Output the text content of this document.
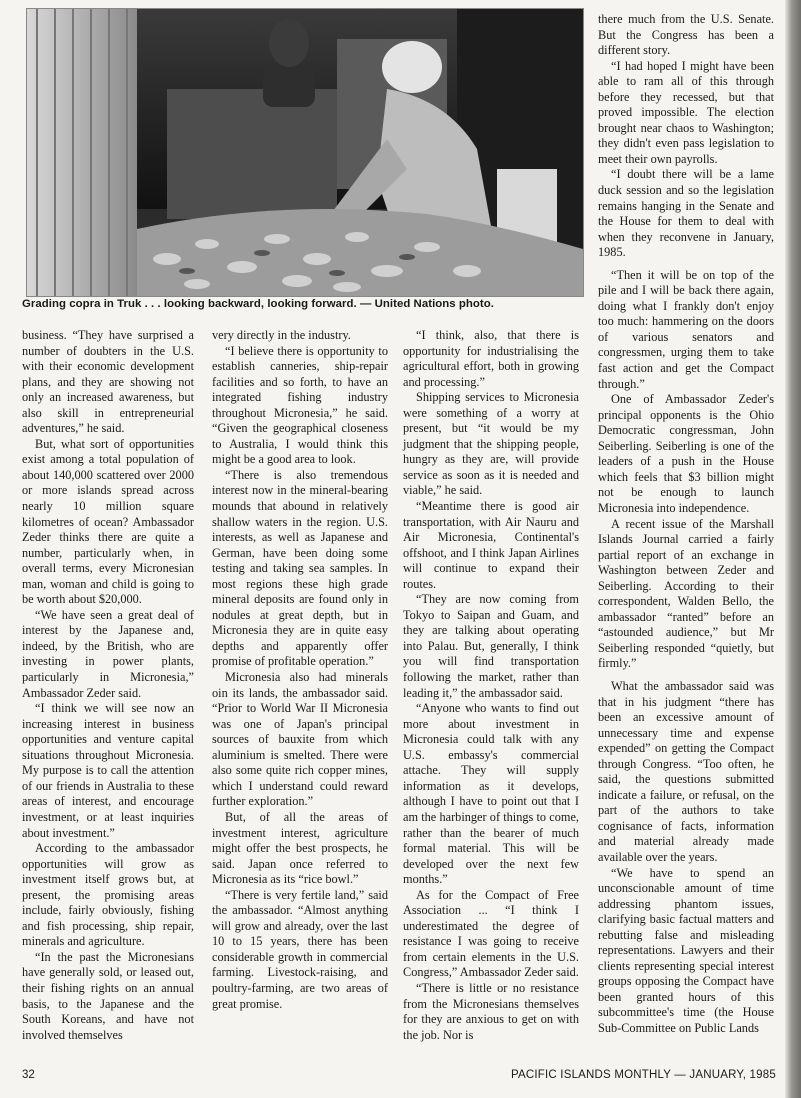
Grading copra in Truk . . . looking backward, looking forward. — United Nations photo.

business. “They have surprised a number of doubters in the U.S. with their economic development plans, and they are showing not only an increased awareness, but also skill in entrepreneurial adventures,” he said.

But, what sort of opportunities exist among a total population of about 140,000 scattered over 2000 or more islands spread across nearly 10 million square kilometres of ocean? Ambassador Zeder thinks there are quite a number, particularly when, in overall terms, every Micronesian man, woman and child is going to be worth about $20,000.

“We have seen a great deal of interest by the Japanese and, indeed, by the British, who are investing in power plants, particularly in Micronesia,” Ambassador Zeder said.

“I think we will see now an increasing interest in business opportunities and venture capital situations throughout Micronesia. My purpose is to call the attention of our friends in Australia to these areas of interest, and encourage investment, or at least inquiries about investment.”

According to the ambassador opportunities will grow as investment itself grows but, at present, the promising areas include, fairly obviously, fishing and fish processing, ship repair, minerals and agriculture.

“In the past the Micronesians have generally sold, or leased out, their fishing rights on an annual basis, to the Japanese and the South Koreans, and have not involved themselves

very directly in the industry.

“I believe there is opportunity to establish canneries, ship-repair facilities and so forth, to have an integrated fishing industry throughout Micronesia,” he said. “Given the geographical closeness to Australia, I would think this might be a good area to look.

“There is also tremendous interest now in the mineral-bearing mounds that abound in relatively shallow waters in the region. U.S. interests, as well as Japanese and German, have been doing some testing and taking sea samples. In most regions these high grade mineral deposits are found only in nodules at great depth, but in Micronesia they are in quite easy depths and apparently offer promise of profitable operation.”

Micronesia also had minerals oin its lands, the ambassador said. “Prior to World War II Micronesia was one of Japan's principal sources of bauxite from which aluminium is smelted. There were also some quite rich copper mines, which I understand could reward further exploration.”

But, of all the areas of investment interest, agriculture might offer the best prospects, he said. Japan once referred to Micronesia as its “rice bowl.”

“There is very fertile land,” said the ambassador. “Almost anything will grow and already, over the last 10 to 15 years, there has been considerable growth in commercial farming. Livestock-raising, and poultry-farming, are two areas of great promise.

“I think, also, that there is opportunity for industrialising the agricultural effort, both in growing and processing.”

Shipping services to Micronesia were something of a worry at present, but “it would be my judgment that the shipping people, hungry as they are, will provide service as soon as it is needed and viable,” he said.

“Meantime there is good air transportation, with Air Nauru and Air Micronesia, Continental's offshoot, and I think Japan Airlines will continue to expand their routes.

“They are now coming from Tokyo to Saipan and Guam, and they are talking about operating into Palau. But, generally, I think you will find transportation following the market, rather than leading it,” the ambassador said.

“Anyone who wants to find out more about investment in Micronesia could talk with any U.S. embassy's commercial attache. They will supply information as it develops, although I have to point out that I am the harbinger of things to come, rather than the bearer of much formal material. This will be developed over the next few months.”

As for the Compact of Free Association ... “I think I underestimated the degree of resistance I was going to receive from certain elements in the U.S. Congress,” Ambassador Zeder said.

“There is little or no resistance from the Micronesians themselves for they are anxious to get on with the job. Nor is

there much from the U.S. Senate. But the Congress has been a different story.

“I had hoped I might have been able to ram all of this through before they recessed, but that proved impossible. The election brought near chaos to Washington; they didn't even pass legislation to meet their own payrolls.

“I doubt there will be a lame duck session and so the legislation remains hanging in the Senate and the House for them to deal with when they reconvene in January, 1985.

“Then it will be on top of the pile and I will be back there again, doing what I frankly don't enjoy too much: hammering on the doors of various senators and congressmen, urging them to take fast action and get the Compact through.”

One of Ambassador Zeder's principal opponents is the Ohio Democratic congressman, John Seiberling. Seiberling is one of the leaders of a push in the House which feels that $3 billion might not be enough to launch Micronesia into independence.

A recent issue of the Marshall Islands Journal carried a fairly partial report of an exchange in Washington between Zeder and Seiberling. According to their correspondent, Walden Bello, the ambassador “ranted” before an “astounded audience,” but Mr Seiberling responded “quietly, but firmly.”

What the ambassador said was that in his judgment “there has been an excessive amount of unnecessary time and expense expended” on getting the Compact through Congress. “Too often, he said, the questions submitted indicate a failure, or refusal, on the part of the authors to take cognisance of facts, information and material already made available over the years.

“We have to spend an unconscionable amount of time addressing phantom issues, clarifying basic factual matters and rebutting false and misleading representations. Lawyers and their clients representing special interest groups opposing the Compact have been granted hours of this subcommittee's time (the House Sub-Committee on Public Lands

32	PACIFIC ISLANDS MONTHLY — JANUARY, 1985
